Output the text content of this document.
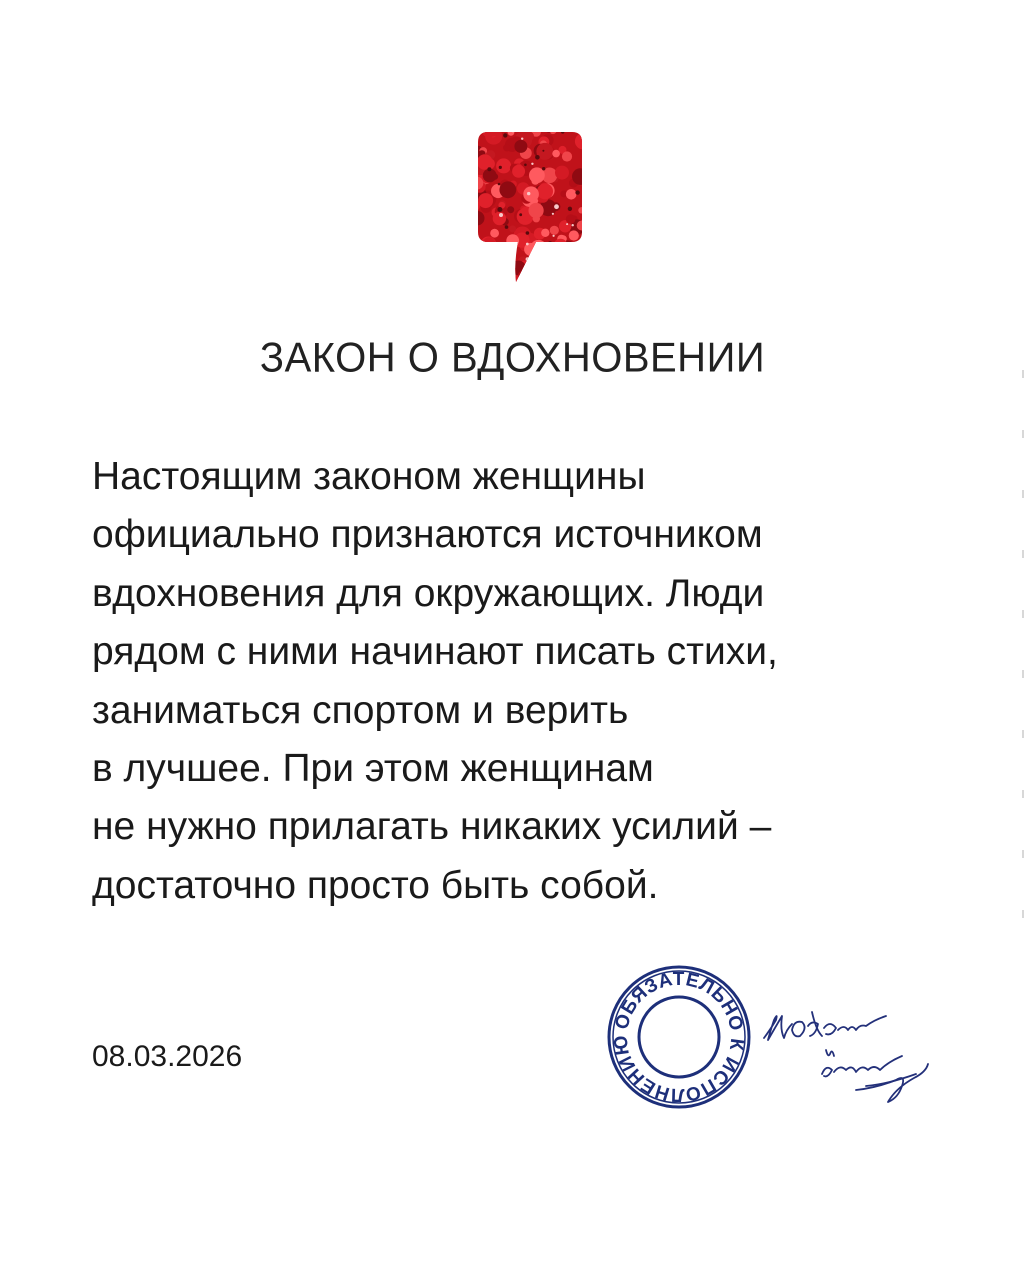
ЗАКОН О ВДОХНОВЕНИИ
Настоящим законом женщины
официально признаются источником
вдохновения для окружающих. Люди
рядом с ними начинают писать стихи,
заниматься спортом и верить
в лучшее. При этом женщинам
не нужно прилагать никаких усилий –
достаточно просто быть собой.
08.03.2026
ОБЯЗАТЕЛЬНО К ИСПОЛНЕНИЮ
